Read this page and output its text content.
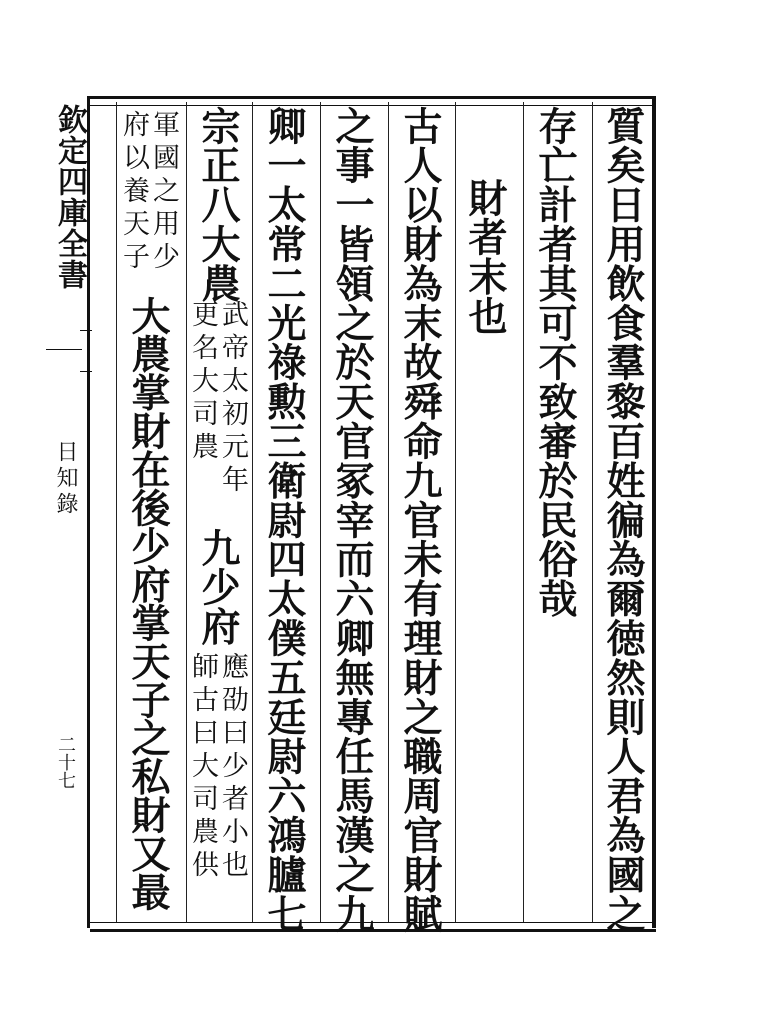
欽定四庫全書
日知錄
二十七	質矣日用飲食羣黎百姓徧為爾徳然則人君為國之
存亡計者其可不致審於民俗哉
財者末也
古人以財為末故舜命九官未有理財之職周官財賦
之事一皆領之於天官冢宰而六卿無專任馬漢之九
卿一太常二光祿勲三衛尉四太僕五廷尉六鴻臚七
宗正八大農
武帝太初元年
更名大司農
九少府
應劭曰少者小也
師古曰大司農供
軍國之用少
府以養天子
大農掌財在後少府掌天子之私財又最
